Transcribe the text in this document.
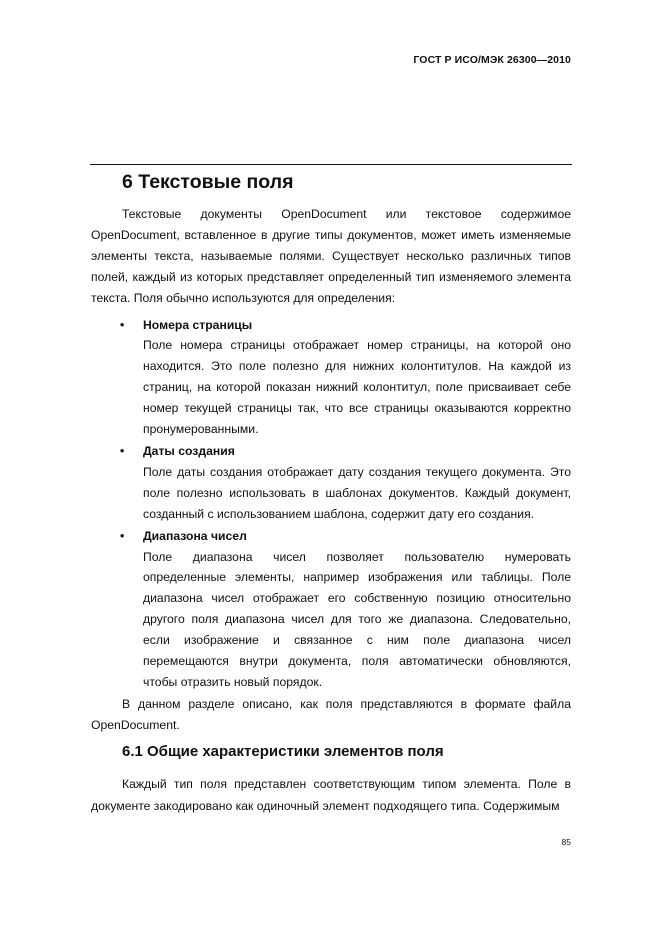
ГОСТ Р ИСО/МЭК 26300—2010
6 Текстовые поля

Текстовые документы OpenDocument или текстовое содержимое OpenDocument, вставленное в другие типы документов, может иметь изменяемые элементы текста, называемые полями. Существует несколько различных типов полей, каждый из которых представляет определенный тип изменяемого элемента текста. Поля обычно используются для определения:

• Номера страницы

Поле номера страницы отображает номер страницы, на которой оно находится. Это поле полезно для нижних колонтитулов. На каждой из страниц, на которой показан нижний колонтитул, поле присваивает себе номер текущей страницы так, что все страницы оказываются корректно пронумерованными.

• Даты создания

Поле даты создания отображает дату создания текущего документа. Это поле полезно использовать в шаблонах документов. Каждый документ, созданный с использованием шаблона, содержит дату его создания.

• Диапазона чисел

Поле диапазона чисел позволяет пользователю нумеровать определенные элементы, например изображения или таблицы. Поле диапазона чисел отображает его собственную позицию относительно другого поля диапазона чисел для того же диапазона. Следовательно, если изображение и связанное с ним поле диапазона чисел перемещаются внутри документа, поля автоматически обновляются, чтобы отразить новый порядок.

В данном разделе описано, как поля представляются в формате файла OpenDocument.

6.1 Общие характеристики элементов поля

Каждый тип поля представлен соответствующим типом элемента. Поле в документе закодировано как одиночный элемент подходящего типа. Содержимым

85
